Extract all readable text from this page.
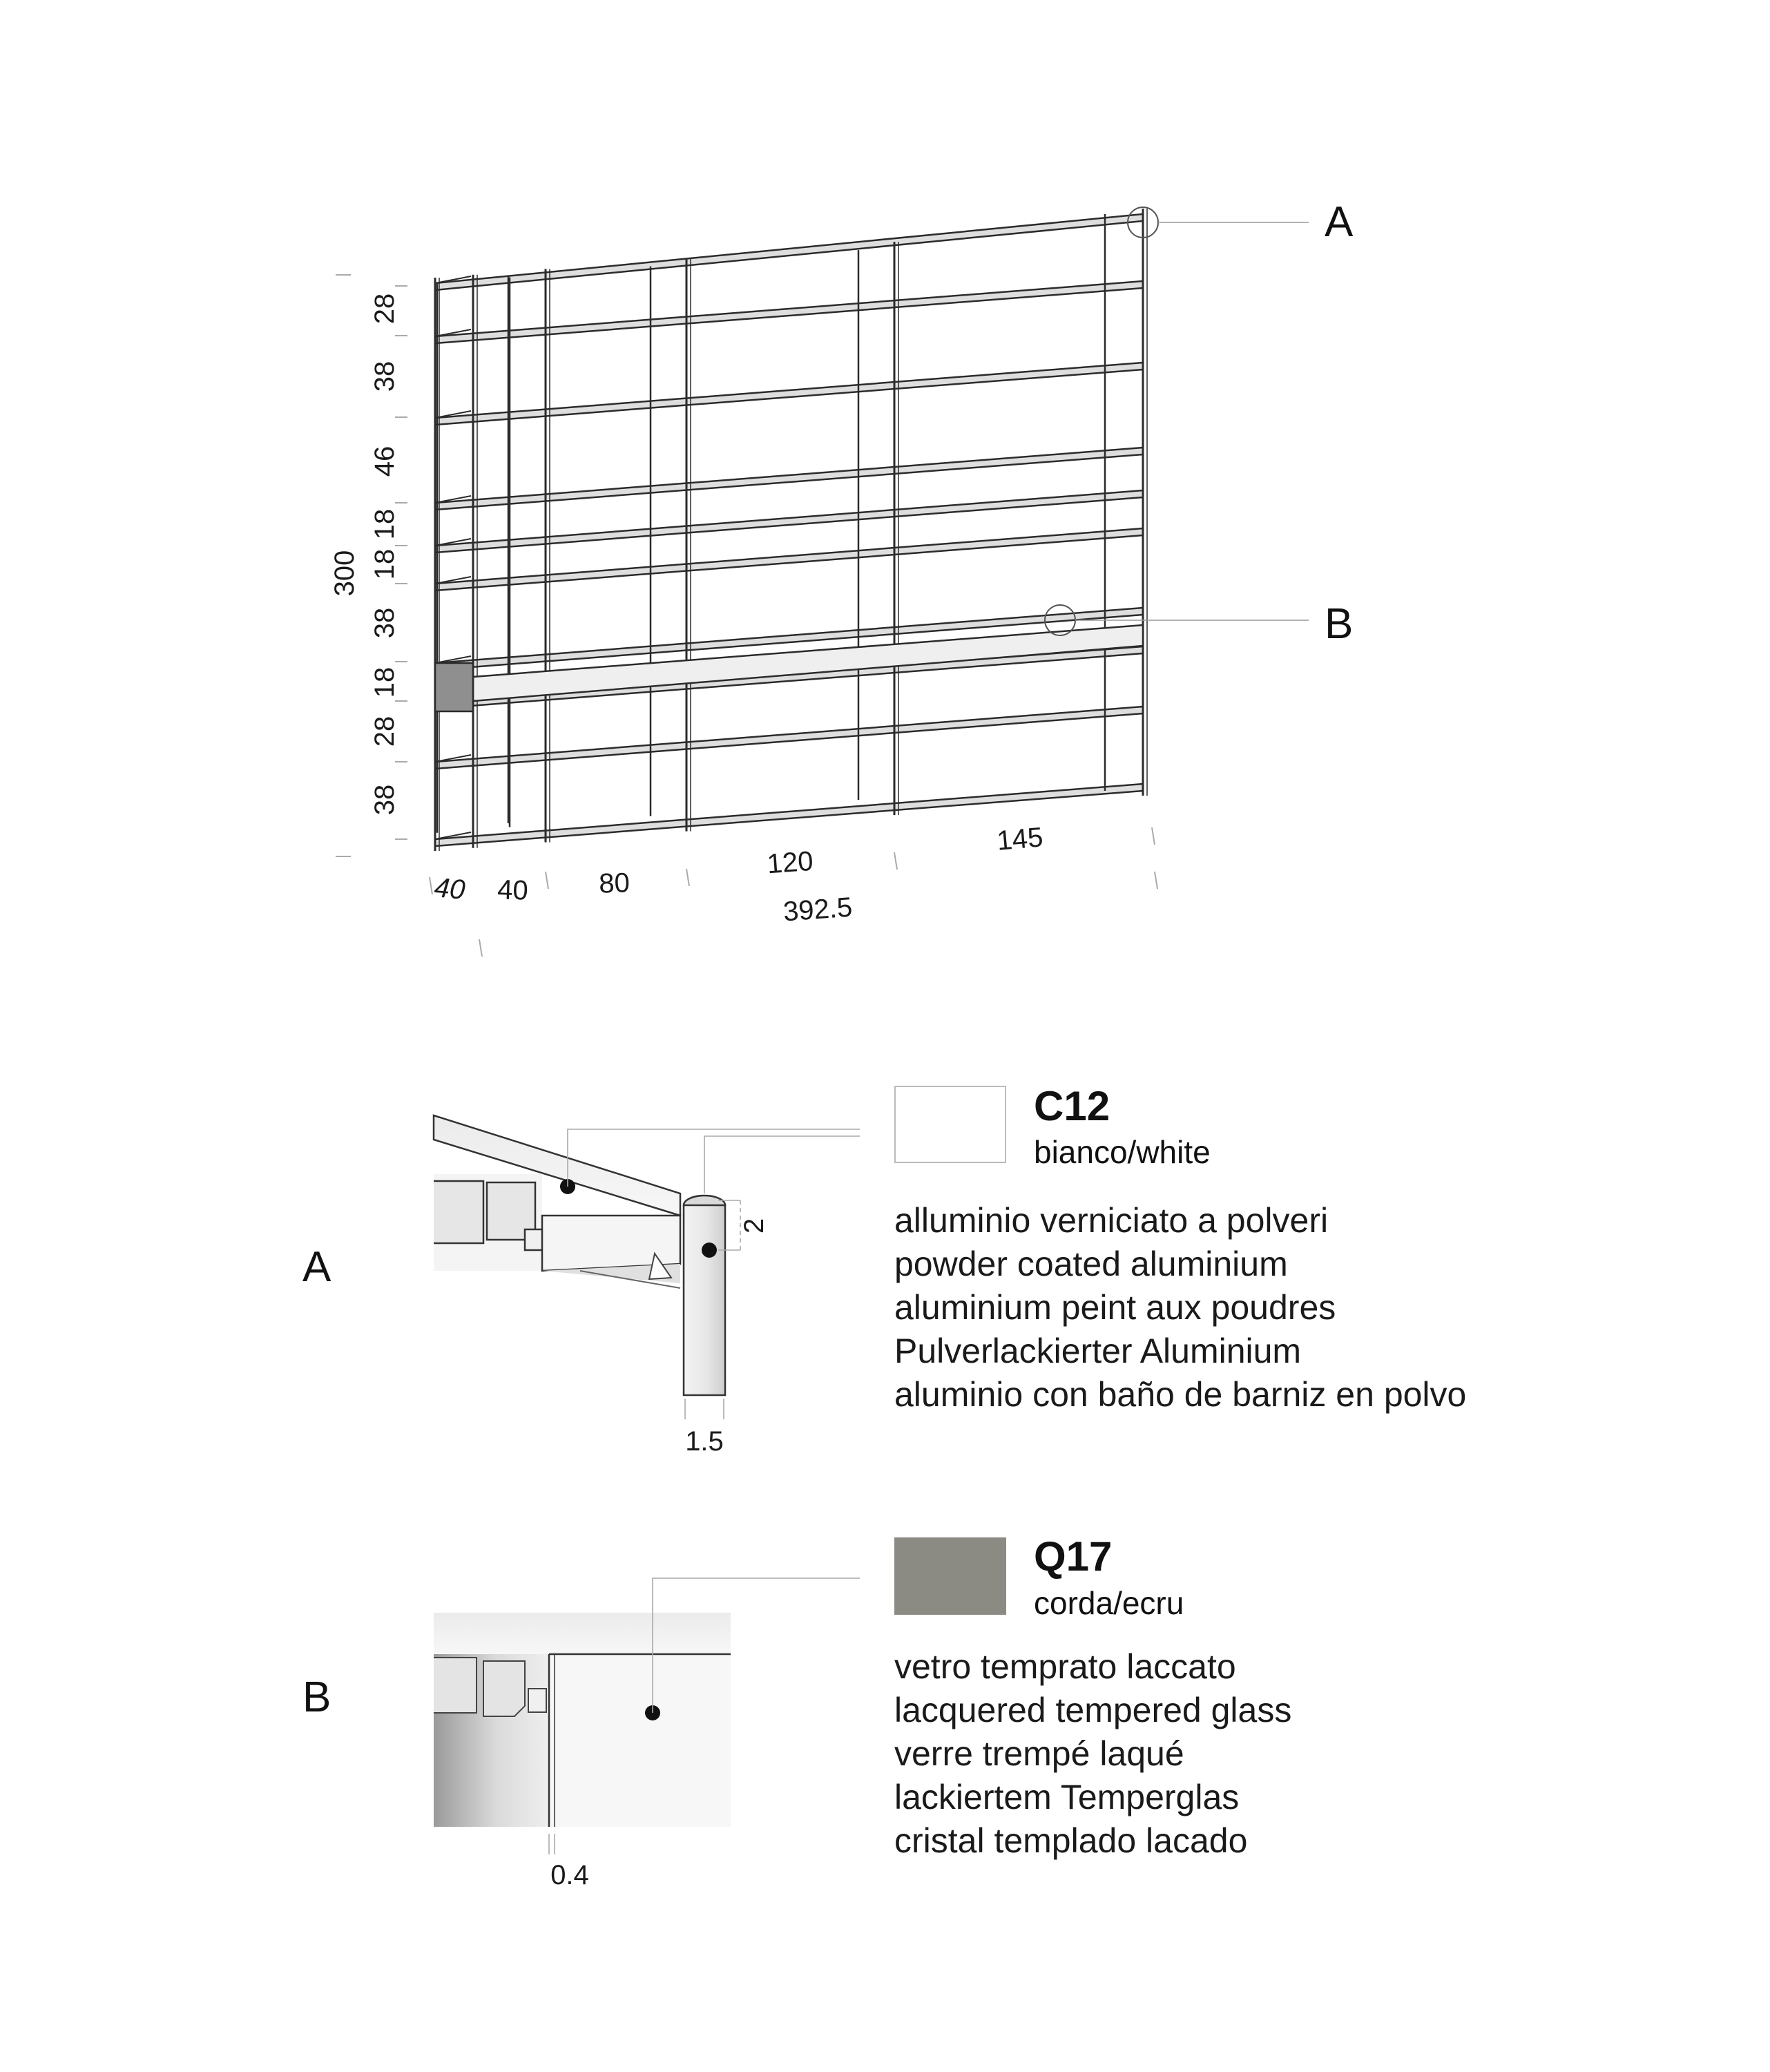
A
B
300
28
38
46
18
18
38
18
28
38
40 40	80
120
145
392.5
2
1.5
A
0.4
B
C12
bianco/white
alluminio verniciato a polveri
powder coated aluminium
aluminium peint aux poudres
Pulverlackierter Aluminium
aluminio con baño de barniz en polvo
Q17
corda/ecru
vetro temprato laccato
lacquered tempered glass
verre trempé laqué
lackiertem Temperglas
cristal templado lacado
